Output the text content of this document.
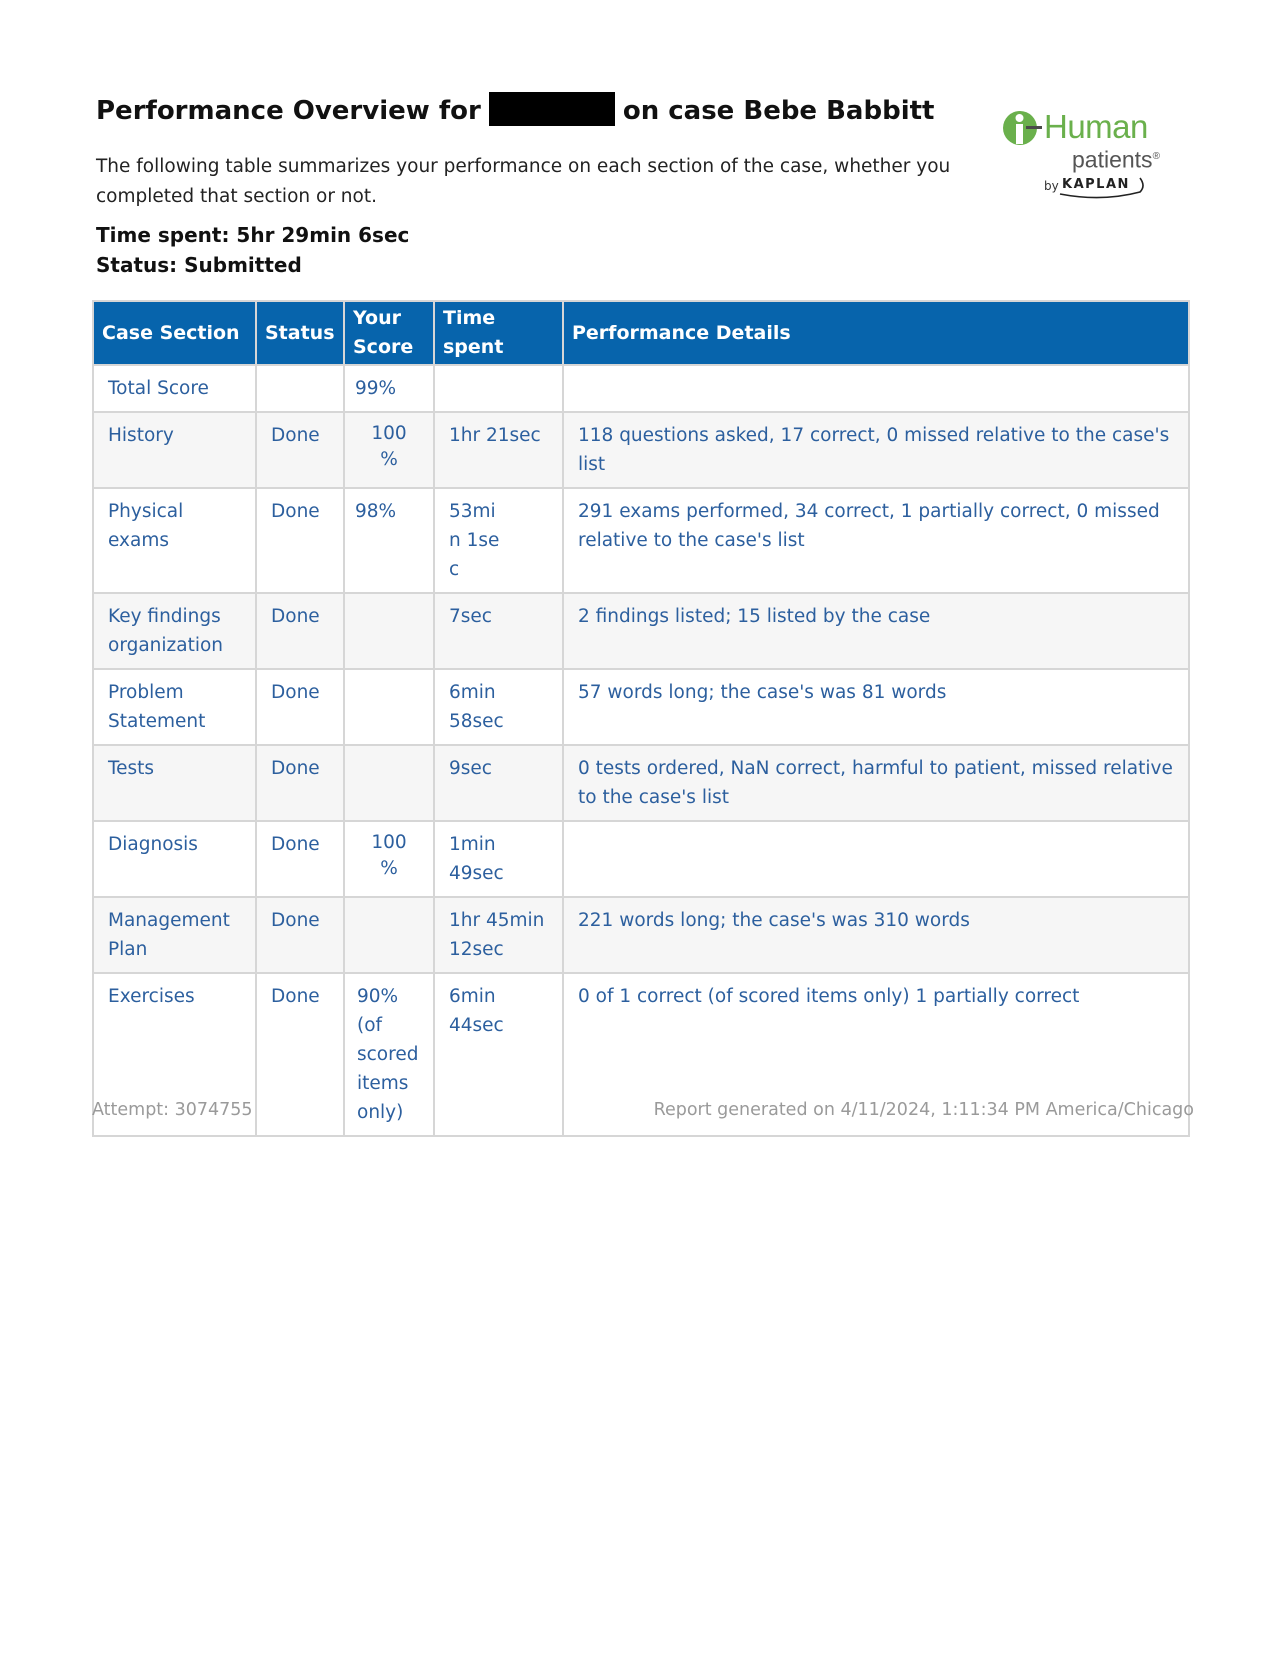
Performance Overview for	on case Bebe Babbitt	Human
patients®
by KAPLAN

The following table summarizes your performance on each section of the case, whether you completed that section or not.

Time spent: 5hr 29min 6sec
Status: Submitted
Case Section	Status	Your Score	Time spent	Performance Details
Total Score		99%		
History	Done	100 %	1hr 21sec	118 questions asked, 17 correct, 0 missed relative to the case's list
Physical exams	Done	98%	53min 1sec	291 exams performed, 34 correct, 1 partially correct, 0 missed relative to the case's list
Key findings organization	Done		7sec	2 findings listed; 15 listed by the case
Problem Statement	Done		6min 58sec	57 words long; the case's was 81 words
Tests	Done		9sec	0 tests ordered, NaN correct, harmful to patient, missed relative to the case's list
Diagnosis	Done	100 %	1min 49sec	
Management Plan	Done		1hr 45min 12sec	221 words long; the case's was 310 words
Exercises	Done	90% (of scored items only)	6min 44sec	0 of 1 correct (of scored items only) 1 partially correct
Attempt: 3074755	Report generated on 4/11/2024, 1:11:34 PM America/Chicago
